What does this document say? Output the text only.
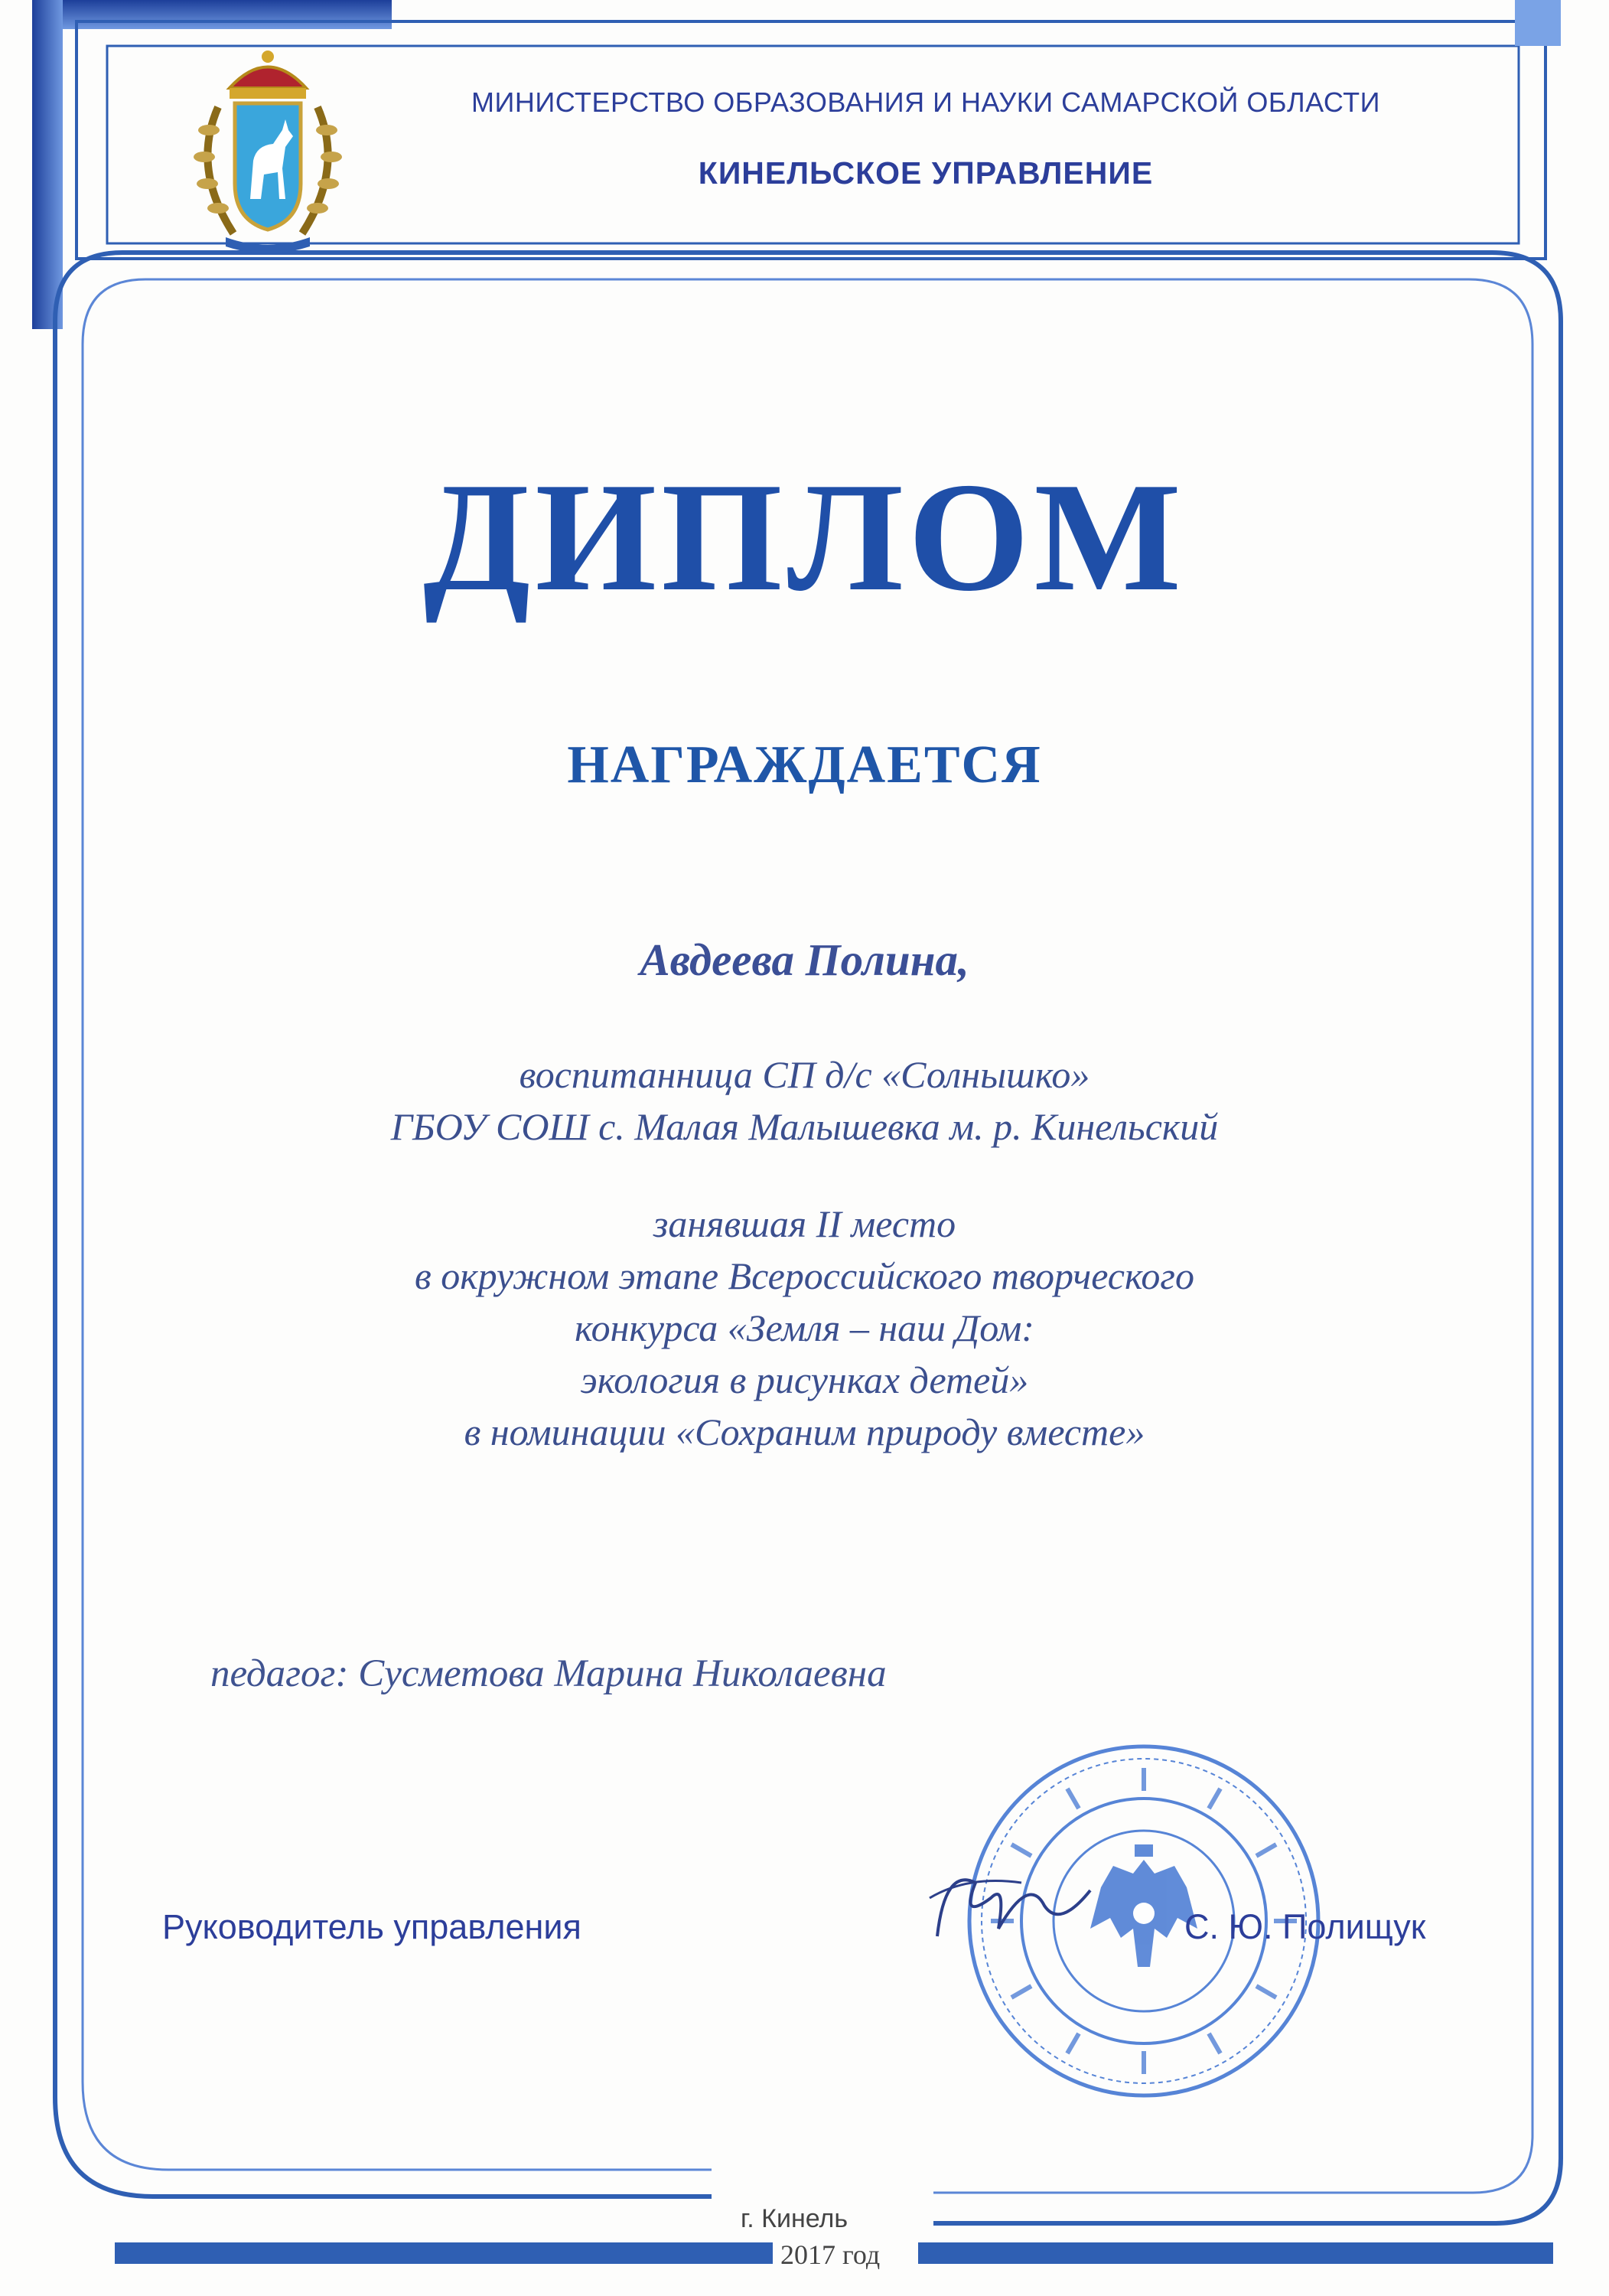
МИНИСТЕРСТВО ОБРАЗОВАНИЯ И НАУКИ САМАРСКОЙ ОБЛАСТИ
КИНЕЛЬСКОЕ УПРАВЛЕНИЕ
ДИПЛОМ
НАГРАЖДАЕТСЯ
Авдеева Полина,
воспитанница СП д/с «Солнышко»
ГБОУ СОШ с. Малая Малышевка м. р. Кинельский
занявшая II место
в окружном этапе Всероссийского творческого
конкурса «Земля – наш Дом:
экология в рисунках детей»
в номинации «Сохраним природу вместе»
педагог: Сусметова Марина Николаевна
Руководитель управления	С. Ю. Полищук
г. Кинель
2017 год
